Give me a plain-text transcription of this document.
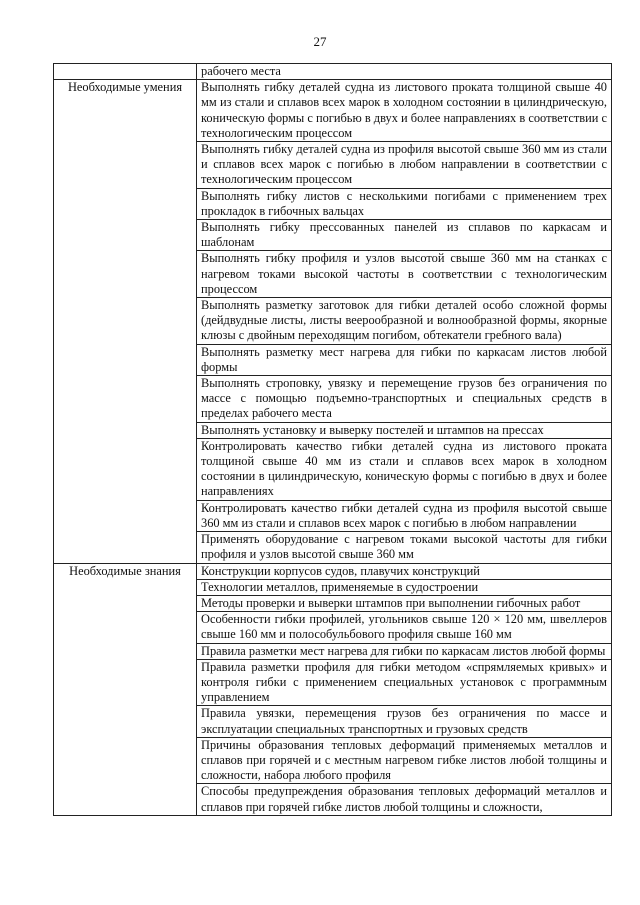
27
	рабочего места
Необходимые умения	Выполнять гибку деталей судна из листового проката толщиной свыше 40 мм из стали и сплавов всех марок в холодном состоянии в цилиндрическую, коническую формы с погибью в двух и более направлениях в соответствии с технологическим процессом
	Выполнять гибку деталей судна из профиля высотой свыше 360 мм из стали и сплавов всех марок с погибью в любом направлении в соответствии с технологическим процессом
	Выполнять гибку листов с несколькими погибами с применением трех прокладок в гибочных вальцах
	Выполнять гибку прессованных панелей из сплавов по каркасам и шаблонам
	Выполнять гибку профиля и узлов высотой свыше 360 мм на станках с нагревом токами высокой частоты в соответствии с технологическим процессом
	Выполнять разметку заготовок для гибки деталей особо сложной формы (дейдвудные листы, листы веерообразной и волнообразной формы, якорные клюзы с двойным переходящим погибом, обтекатели гребного вала)
	Выполнять разметку мест нагрева для гибки по каркасам листов любой формы
	Выполнять строповку, увязку и перемещение грузов без ограничения по массе с помощью подъемно-транспортных и специальных средств в пределах рабочего места
	Выполнять установку и выверку постелей и штампов на прессах
	Контролировать качество гибки деталей судна из листового проката толщиной свыше 40 мм из стали и сплавов всех марок в холодном состоянии в цилиндрическую, коническую формы с погибью в двух и более направлениях
	Контролировать качество гибки деталей судна из профиля высотой свыше 360 мм из стали и сплавов всех марок с погибью в любом направлении
	Применять оборудование с нагревом токами высокой частоты для гибки профиля и узлов высотой свыше 360 мм
Необходимые знания	Конструкции корпусов судов, плавучих конструкций
	Технологии металлов, применяемые в судостроении
	Методы проверки и выверки штампов при выполнении гибочных работ
	Особенности гибки профилей, угольников свыше 120 × 120 мм, швеллеров свыше 160 мм и полособульбового профиля свыше 160 мм
	Правила разметки мест нагрева для гибки по каркасам листов любой формы
	Правила разметки профиля для гибки методом «спрямляемых кривых» и контроля гибки с применением специальных установок с программным управлением
	Правила увязки, перемещения грузов без ограничения по массе и эксплуатации специальных транспортных и грузовых средств
	Причины образования тепловых деформаций применяемых металлов и сплавов при горячей и с местным нагревом гибке листов любой толщины и сложности, набора любого профиля
	Способы предупреждения образования тепловых деформаций металлов и сплавов при горячей гибке листов любой толщины и сложности,
